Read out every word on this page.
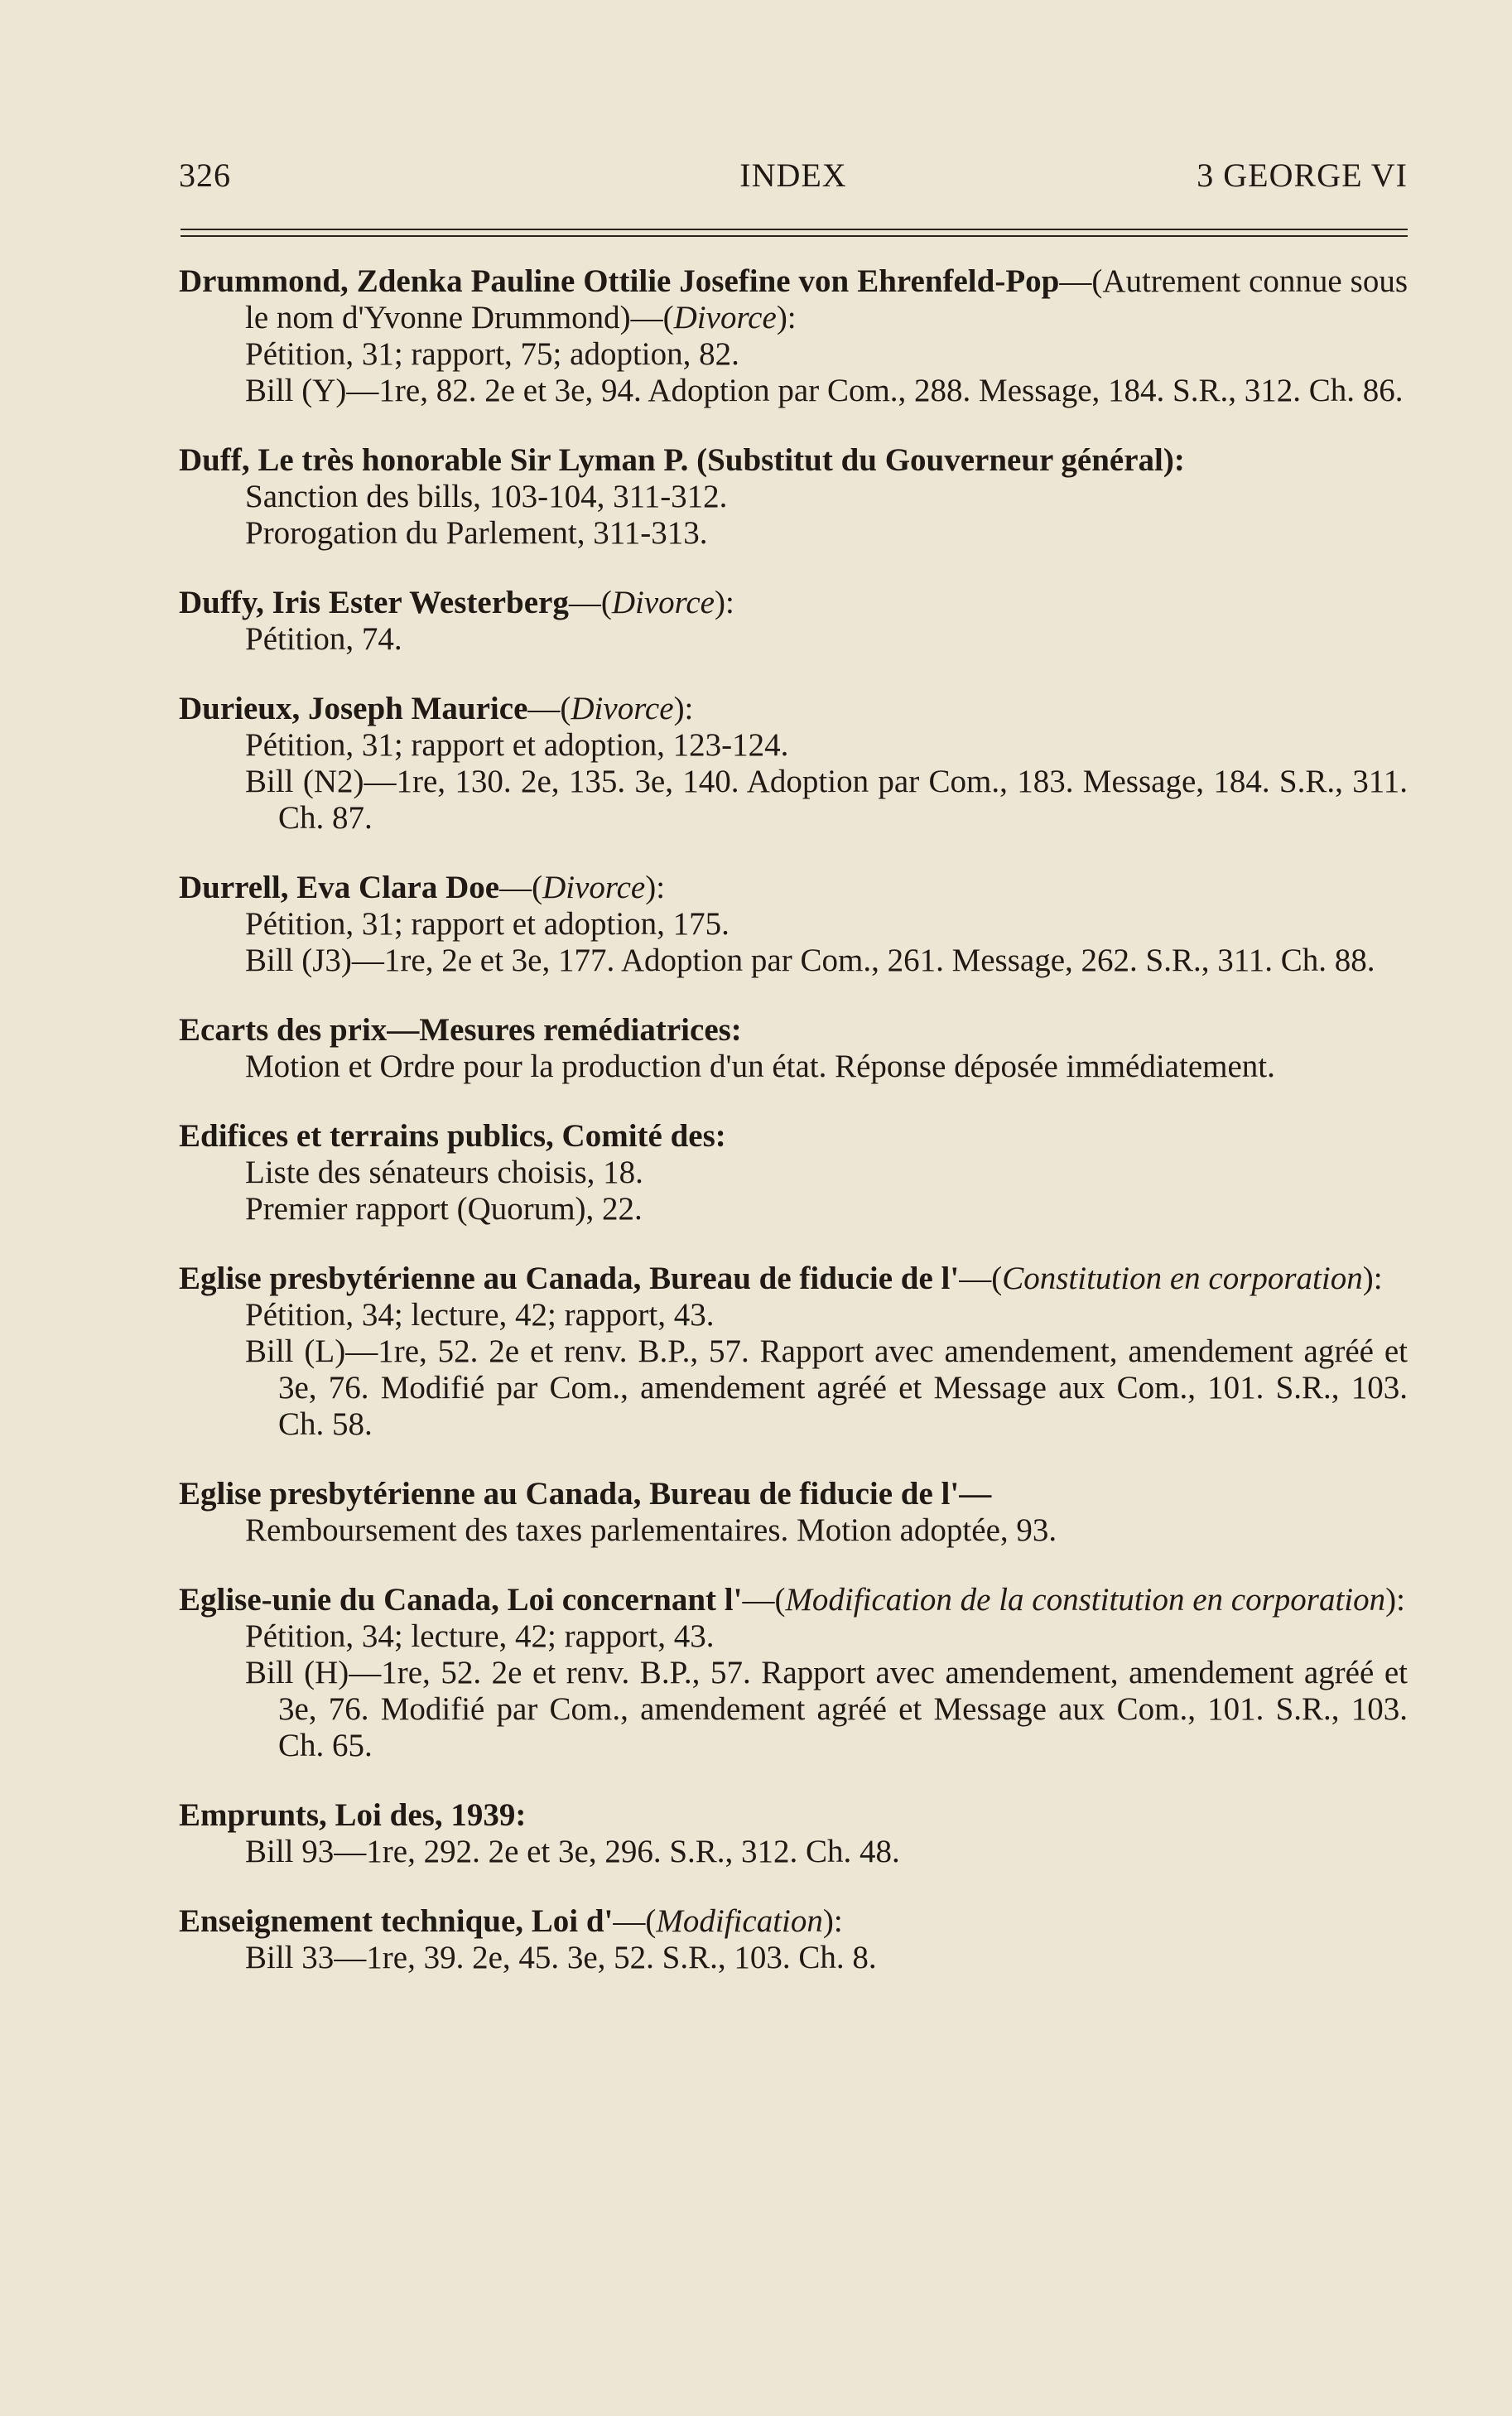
326	INDEX	3 GEORGE VI
Drummond, Zdenka Pauline Ottilie Josefine von Ehrenfeld-Pop—(Autrement connue sous le nom d'Yvonne Drummond)—(Divorce):
Pétition, 31; rapport, 75; adoption, 82.
Bill (Y)—1re, 82. 2e et 3e, 94. Adoption par Com., 288. Message, 184. S.R., 312. Ch. 86.
Duff, Le très honorable Sir Lyman P. (Substitut du Gouverneur général):
Sanction des bills, 103-104, 311-312.
Prorogation du Parlement, 311-313.
Duffy, Iris Ester Westerberg—(Divorce):
Pétition, 74.
Durieux, Joseph Maurice—(Divorce):
Pétition, 31; rapport et adoption, 123-124.
Bill (N2)—1re, 130. 2e, 135. 3e, 140. Adoption par Com., 183. Message, 184. S.R., 311. Ch. 87.
Durrell, Eva Clara Doe—(Divorce):
Pétition, 31; rapport et adoption, 175.
Bill (J3)—1re, 2e et 3e, 177. Adoption par Com., 261. Message, 262. S.R., 311. Ch. 88.
Ecarts des prix—Mesures remédiatrices:
Motion et Ordre pour la production d'un état. Réponse déposée immédiatement.
Edifices et terrains publics, Comité des:
Liste des sénateurs choisis, 18.
Premier rapport (Quorum), 22.
Eglise presbytérienne au Canada, Bureau de fiducie de l'—(Constitution en corporation):
Pétition, 34; lecture, 42; rapport, 43.
Bill (L)—1re, 52. 2e et renv. B.P., 57. Rapport avec amendement, amendement agréé et 3e, 76. Modifié par Com., amendement agréé et Message aux Com., 101. S.R., 103. Ch. 58.
Eglise presbytérienne au Canada, Bureau de fiducie de l'—
Remboursement des taxes parlementaires. Motion adoptée, 93.
Eglise-unie du Canada, Loi concernant l'—(Modification de la constitution en corporation):
Pétition, 34; lecture, 42; rapport, 43.
Bill (H)—1re, 52. 2e et renv. B.P., 57. Rapport avec amendement, amendement agréé et 3e, 76. Modifié par Com., amendement agréé et Message aux Com., 101. S.R., 103. Ch. 65.
Emprunts, Loi des, 1939:
Bill 93—1re, 292. 2e et 3e, 296. S.R., 312. Ch. 48.
Enseignement technique, Loi d'—(Modification):
Bill 33—1re, 39. 2e, 45. 3e, 52. S.R., 103. Ch. 8.
